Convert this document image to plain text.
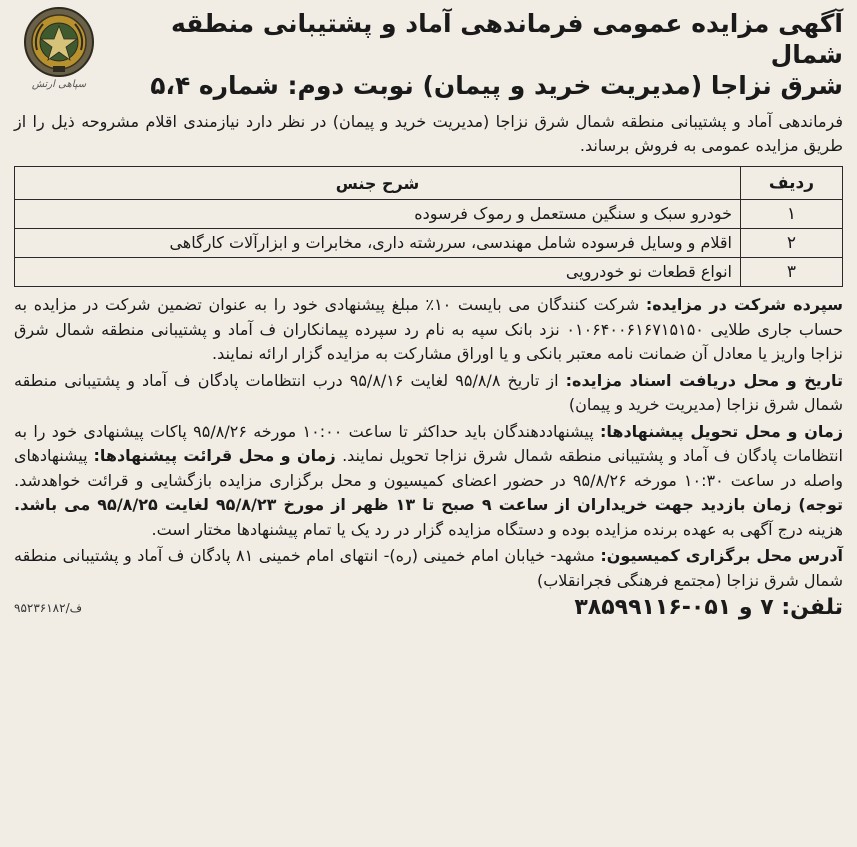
آگهی مزایده عمومی فرماندهی آماد و پشتیبانی منطقه شمال
شرق نزاجا (مدیریت خرید و پیمان) نوبت دوم: شماره ۵،۴
سپاهی ارتش
فرماندهی آماد و پشتیبانی منطقه شمال شرق نزاجا (مدیریت خرید و پیمان) در نظر دارد نیازمندی اقلام مشروحه ذیل را از طریق مزایده عمومی به فروش برساند.
ردیف	شرح جنس
۱	خودرو سبک و سنگین مستعمل و رموک فرسوده
۲	اقلام و وسایل فرسوده شامل مهندسی، سررشته داری، مخابرات و ابزارآلات کارگاهی
۳	انواع قطعات نو خودرویی

سپرده شرکت در مزایده: شرکت کنندگان می بایست ۱۰٪ مبلغ پیشنهادی خود را به عنوان تضمین شرکت در مزایده به حساب جاری طلایی ۰۱۰۶۴۰۰۶۱۶۷۱۵۱۵۰ نزد بانک سپه به نام رد سپرده پیمانکاران ف آماد و پشتیبانی منطقه شمال شرق نزاجا واریز یا معادل آن ضمانت نامه معتبر بانکی و یا اوراق مشارکت به مزایده گزار ارائه نمایند.

تاریخ و محل دریافت اسناد مزایده: از تاریخ ۹۵/۸/۸ لغایت ۹۵/۸/۱۶ درب انتظامات پادگان ف آماد و پشتیبانی منطقه شمال شرق نزاجا (مدیریت خرید و پیمان)

زمان و محل تحویل پیشنهادها: پیشنهاددهندگان باید حداکثر تا ساعت ۱۰:۰۰ مورخه ۹۵/۸/۲۶ پاکات پیشنهادی خود را به انتظامات پادگان ف آماد و پشتیبانی منطقه شمال شرق نزاجا تحویل نمایند. زمان و محل قرائت پیشنهادها: پیشنهادهای واصله در ساعت ۱۰:۳۰ مورخه ۹۵/۸/۲۶ در حضور اعضای کمیسیون و محل برگزاری مزایده بازگشایی و قرائت خواهدشد. توجه) زمان بازدید جهت خریداران از ساعت ۹ صبح تا ۱۳ ظهر از مورخ ۹۵/۸/۲۳ لغایت ۹۵/۸/۲۵ می باشد. هزینه درج آگهی به عهده برنده مزایده بوده و دستگاه مزایده گزار در رد یک یا تمام پیشنهادها مختار است.

آدرس محل برگزاری کمیسیون: مشهد- خیابان امام خمینی (ره)- انتهای امام خمینی ۸۱ پادگان ف آماد و پشتیبانی منطقه شمال شرق نزاجا (مجتمع فرهنگی فجرانقلاب)

تلفن: ۷ و ۰۵۱-۳۸۵۹۹۱۱۶
ف/۹۵۲۳۶۱۸۲
